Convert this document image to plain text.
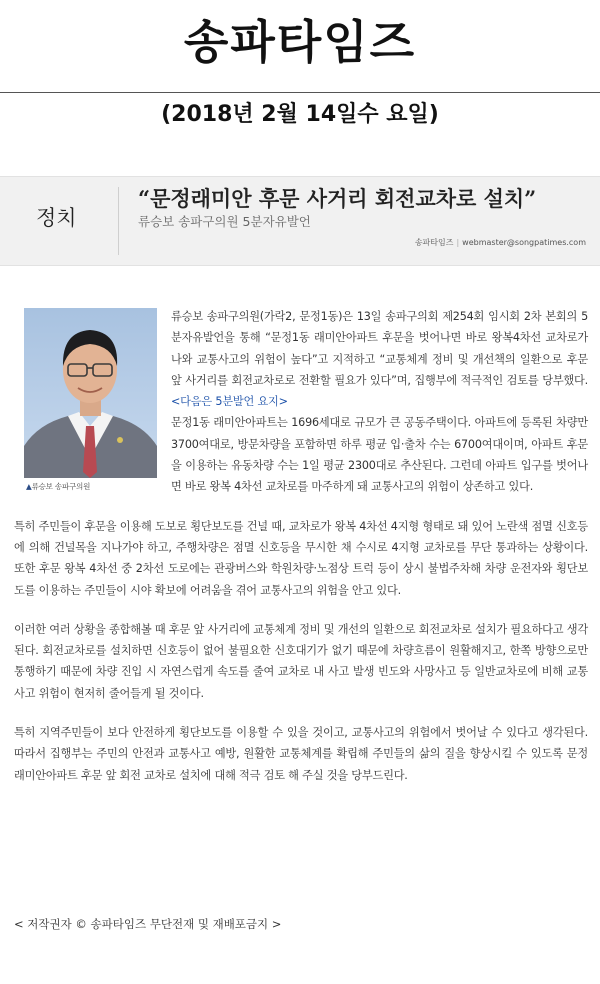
송파타임즈
(2018년 2월 14일수 요일)
정치
“문정래미안 후문 사거리 회전교차로 설치”
류승보 송파구의원 5분자유발언
송파타임즈 | webmaster@songpatimes.com
▲류승보 송파구의원

류승보 송파구의원(가락2, 문정1동)은 13일 송파구의회 제254회 임시회 2차 본회의 5분자유발언을 통해 “문정1동 래미안아파트 후문을 벗어나면 바로 왕복4차선 교차로가 나와 교통사고의 위험이 높다”고 지적하고 “교통체계 정비 및 개선책의 일환으로 후문 앞 사거리를 회전교차로로 전환할 필요가 있다”며, 집행부에 적극적인 검토를 당부했다. <다음은 5분발언 요지>

문정1동 래미안아파트는 1696세대로 규모가 큰 공동주택이다. 아파트에 등록된 차량만 3700여대로, 방문차량을 포함하면 하루 평균 입·출차 수는 6700여대이며, 아파트 후문을 이용하는 유동차량 수는 1일 평균 2300대로 추산된다. 그런데 아파트 입구를 벗어나면 바로 왕복 4차선 교차로를 마주하게 돼 교통사고의 위험이 상존하고 있다.

특히 주민들이 후문을 이용해 도보로 횡단보도를 건널 때, 교차로가 왕복 4차선 4지형 형태로 돼 있어 노란색 점멸 신호등에 의해 건널목을 지나가야 하고, 주행차량은 점멸 신호등을 무시한 채 수시로 4지형 교차로를 무단 통과하는 상황이다. 또한 후문 왕복 4차선 중 2차선 도로에는 관광버스와 학원차량·노점상 트럭 등이 상시 불법주차해 차량 운전자와 횡단보도를 이용하는 주민들이 시야 확보에 어려움을 겪어 교통사고의 위험을 안고 있다.

이러한 여러 상황을 종합해볼 때 후문 앞 사거리에 교통체계 정비 및 개선의 일환으로 회전교차로 설치가 필요하다고 생각된다. 회전교차로를 설치하면 신호등이 없어 불필요한 신호대기가 없기 때문에 차량흐름이 원활해지고, 한쪽 방향으로만 통행하기 때문에 차량 진입 시 자연스럽게 속도를 줄여 교차로 내 사고 발생 빈도와 사망사고 등 일반교차로에 비해 교통사고 위험이 현저히 줄어들게 될 것이다.

특히 지역주민들이 보다 안전하게 횡단보도를 이용할 수 있을 것이고, 교통사고의 위험에서 벗어날 수 있다고 생각된다. 따라서 집행부는 주민의 안전과 교통사고 예방, 원활한 교통체계를 확립해 주민들의 삶의 질을 향상시킬 수 있도록 문정 래미안아파트 후문 앞 회전 교차로 설치에 대해 적극 검토 해 주실 것을 당부드린다.

< 저작권자 © 송파타임즈 무단전재 및 재배포금지 >
